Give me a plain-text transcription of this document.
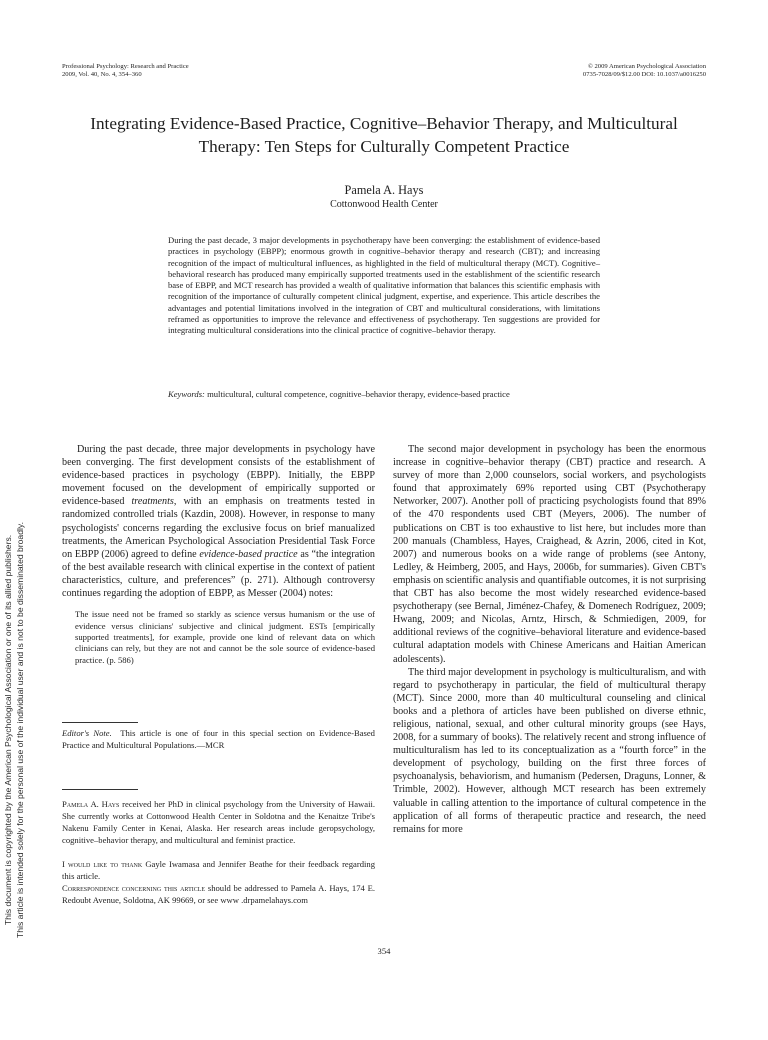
Professional Psychology: Research and Practice
2009, Vol. 40, No. 4, 354–360
© 2009 American Psychological Association
0735-7028/09/$12.00 DOI: 10.1037/a0016250
This document is copyrighted by the American Psychological Association or one of its allied publishers. This article is intended solely for the personal use of the individual user and is not to be disseminated broadly.
Integrating Evidence-Based Practice, Cognitive–Behavior Therapy, and Multicultural Therapy: Ten Steps for Culturally Competent Practice
Pamela A. Hays
Cottonwood Health Center

During the past decade, 3 major developments in psychotherapy have been converging: the establishment of evidence-based practices in psychology (EBPP); enormous growth in cognitive–behavior therapy and research (CBT); and increasing recognition of the impact of multicultural influences, as highlighted in the field of multicultural therapy (MCT). Cognitive–behavioral research has produced many empirically supported treatments used in the establishment of the scientific research base of EBPP, and MCT research has provided a wealth of qualitative information that balances this scientific emphasis with recognition of the importance of culturally competent clinical judgment, expertise, and experience. This article describes the advantages and potential limitations involved in the integration of CBT and multicultural considerations, with limitations reframed as opportunities to improve the relevance and effectiveness of psychotherapy. Ten suggestions are provided for integrating multicultural considerations into the clinical practice of cognitive–behavior therapy.

Keywords: multicultural, cultural competence, cognitive–behavior therapy, evidence-based practice

During the past decade, three major developments in psychology have been converging. The first development consists of the establishment of evidence-based practices in psychology (EBPP). Initially, the EBPP movement focused on the development of empirically supported or evidence-based treatments, with an emphasis on treatments tested in randomized controlled trials (Kazdin, 2008). However, in response to many psychologists' concerns regarding the exclusive focus on brief manualized treatments, the American Psychological Association Presidential Task Force on EBPP (2006) agreed to define evidence-based practice as “the integration of the best available research with clinical expertise in the context of patient characteristics, culture, and preferences” (p. 271). Although controversy continues regarding the adoption of EBPP, as Messer (2004) notes:

The issue need not be framed so starkly as science versus humanism or the use of evidence versus clinicians' subjective and clinical judgment. ESTs [empirically supported treatments], for example, provide one kind of relevant data on which clinicians can rely, but they are not and cannot be the sole source of evidence-based practice. (p. 586)

Editor's Note. This article is one of four in this special section on Evidence-Based Practice and Multicultural Populations.—MCR

Pamela A. Hays received her PhD in clinical psychology from the University of Hawaii. She currently works at Cottonwood Health Center in Soldotna and the Kenaitze Tribe's Nakenu Family Center in Kenai, Alaska. Her research areas include geropsychology, cognitive–behavior therapy, and multicultural and feminist practice.

I would like to thank Gayle Iwamasa and Jennifer Beathe for their feedback regarding this article.

Correspondence concerning this article should be addressed to Pamela A. Hays, 174 E. Redoubt Avenue, Soldotna, AK 99669, or see www .drpamelahays.com

The second major development in psychology has been the enormous increase in cognitive–behavior therapy (CBT) practice and research. A survey of more than 2,000 counselors, social workers, and psychologists found that approximately 69% reported using CBT (Psychotherapy Networker, 2007). Another poll of practicing psychologists found that 89% of the 470 respondents used CBT (Meyers, 2006). The number of publications on CBT is too exhaustive to list here, but includes more than 200 manuals (Chambless, Hayes, Craighead, & Azrin, 2006, cited in Kot, 2007) and numerous books on a wide range of problems (see Antony, Ledley, & Heimberg, 2005, and Hays, 2006b, for summaries). Given CBT's emphasis on scientific analysis and quantifiable outcomes, it is not surprising that CBT has also become the most widely researched evidence-based psychotherapy (see Bernal, Jiménez-Chafey, & Domenech Rodríguez, 2009; Hwang, 2009; and Nicolas, Arntz, Hirsch, & Schmiedigen, 2009, for additional reviews of the cognitive–behavioral literature and evidence-based cultural adaptation models with Chinese Americans and Haitian American adolescents).

The third major development in psychology is multiculturalism, and with regard to psychotherapy in particular, the field of multicultural therapy (MCT). Since 2000, more than 40 multicultural counseling and clinical books and a plethora of articles have been published on diverse ethnic, religious, national, sexual, and other cultural minority groups (see Hays, 2008, for a summary of books). The relatively recent and strong influence of multiculturalism has led to its conceptualization as a “fourth force” in the development of psychology, building on the first three forces of psychoanalysis, behaviorism, and humanism (Pedersen, Draguns, Lonner, & Trimble, 2002). However, although MCT research has been extremely valuable in calling attention to the importance of cultural competence in the application of all forms of therapeutic practice and research, the need remains for more

354
